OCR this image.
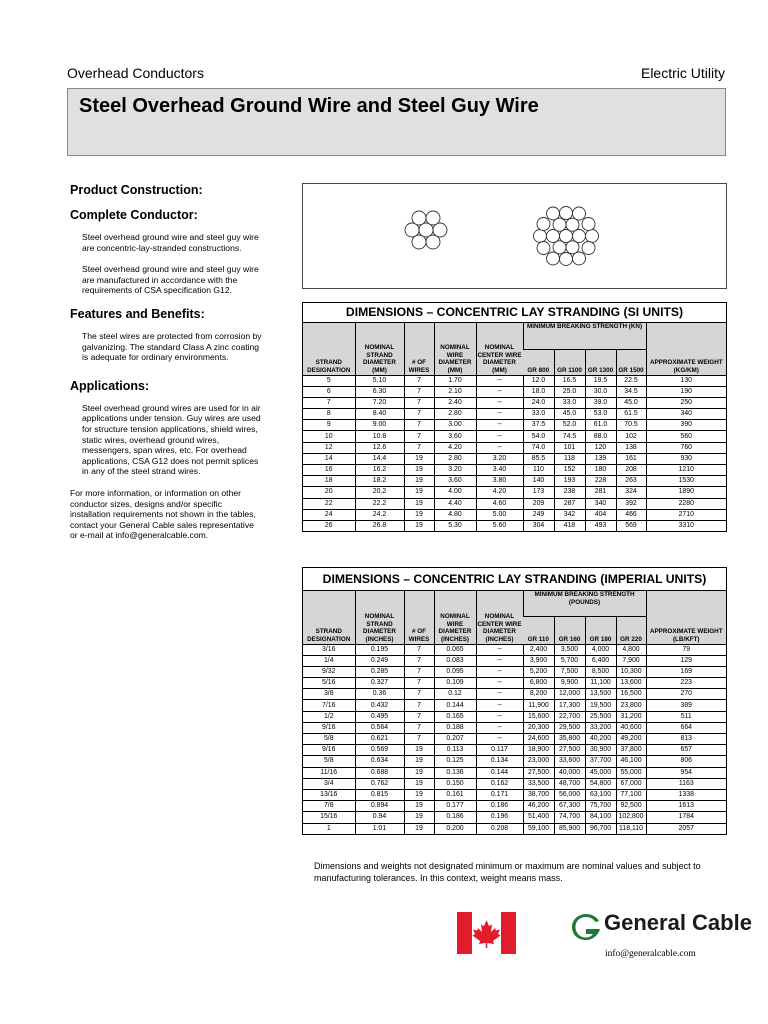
Overhead Conductors	Electric Utility
Steel Overhead Ground Wire and Steel Guy Wire
Product Construction:
Complete Conductor:

Steel overhead ground wire and steel guy wire are concentric-lay-stranded constructions.

Steel overhead ground wire and steel guy wire are manufactured in accordance with the requirements of CSA specification G12.

Features and Benefits:

The steel wires are protected from corrosion by galvanizing. The standard Class A zinc coating is adequate for ordinary environments.

Applications:

Steel overhead ground wires are used for in air applications under tension. Guy wires are used for structure tension applications, shield wires, static wires, overhead ground wires, messengers, span wires, etc. For overhead applications, CSA G12 does not permit splices in any of the steel strand wires.

For more information, or information on other conductor sizes, designs and/or specific installation requirements not shown in the tables, contact your General Cable sales representative or e-mail at info@generalcable.com.

DIMENSIONS – CONCENTRIC LAY STRANDING (SI UNITS)
STRAND DESIGNATION	NOMINAL STRAND DIAMETER (MM)	# OF WIRES	NOMINAL WIRE DIAMETER (MM)	NOMINAL CENTER WIRE DIAMETER (MM)	MINIMUM BREAKING STRENGTH (KN)				APPROXIMATE WEIGHT (KG/KM)
					GR 800	GR 1100	GR 1300	GR 1500	
5	5.10	7	1.70	--	12.0	16.5	19.5	22.5	130
6	6.30	7	2.10	--	18.0	25.0	30.0	34.5	190
7	7.20	7	2.40	--	24.0	33.0	39.0	45.0	250
8	8.40	7	2.80	--	33.0	45.0	53.0	61.5	340
9	9.00	7	3.00	--	37.5	52.0	61.0	70.5	390
10	10.8	7	3.60	--	54.0	74.5	88.0	102	560
12	12.6	7	4.20	--	74.0	101	120	138	760
14	14.4	19	2.80	3.20	85.5	118	139	161	930
16	16.2	19	3.20	3.40	110	152	180	208	1210
18	18.2	19	3.60	3.80	140	193	228	263	1530
20	20.2	19	4.00	4.20	173	238	281	324	1890
22	22.2	19	4.40	4.60	209	287	340	392	2280
24	24.2	19	4.80	5.00	249	342	404	466	2710
26	26.8	19	5.30	5.60	304	418	493	569	3310
DIMENSIONS – CONCENTRIC LAY STRANDING (IMPERIAL UNITS)
STRAND DESIGNATION	NOMINAL STRAND DIAMETER (INCHES)	# OF WIRES	NOMINAL WIRE DIAMETER (INCHES)	NOMINAL CENTER WIRE DIAMETER (INCHES)	MINIMUM BREAKING STRENGTH (POUNDS)				APPROXIMATE WEIGHT (LB/KFT)
					GR 110	GR 160	GR 180	GR 220	
3/16	0.195	7	0.065	--	2,400	3,500	4,000	4,800	79
1/4	0.249	7	0.083	--	3,900	5,700	6,400	7,900	129
9/32	0.285	7	0.095	--	5,200	7,500	8,500	10,300	169
5/16	0.327	7	0.109	--	6,800	9,900	11,100	13,600	223
3/8	0.36	7	0.12	--	8,200	12,000	13,500	16,500	270
7/16	0.432	7	0.144	--	11,900	17,300	19,500	23,800	389
1/2	0.495	7	0.165	--	15,600	22,700	25,500	31,200	511
9/16	0.564	7	0.188	--	20,300	29,500	33,200	40,600	664
5/8	0.621	7	0.207	--	24,600	35,800	40,200	49,200	813
9/16	0.569	19	0.113	0.117	18,900	27,500	30,900	37,800	657
5/8	0.634	19	0.125	0.134	23,000	33,600	37,700	46,100	806
11/16	0.688	19	0.136	0.144	27,500	40,000	45,000	55,000	954
3/4	0.762	19	0.150	0.162	33,500	48,700	54,800	67,000	1163
13/16	0.815	19	0.161	0.171	38,700	56,000	63,100	77,100	1338
7/8	0.894	19	0.177	0.186	46,200	67,300	75,700	92,500	1613
15/16	0.94	19	0.186	0.196	51,400	74,700	84,100	102,800	1784
1	1.01	19	0.200	0.208	59,100	85,900	96,700	118,110	2057
Dimensions and weights not designated minimum or maximum are nominal values and subject to manufacturing tolerances. In this context, weight means mass.
General Cable
info@generalcable.com
